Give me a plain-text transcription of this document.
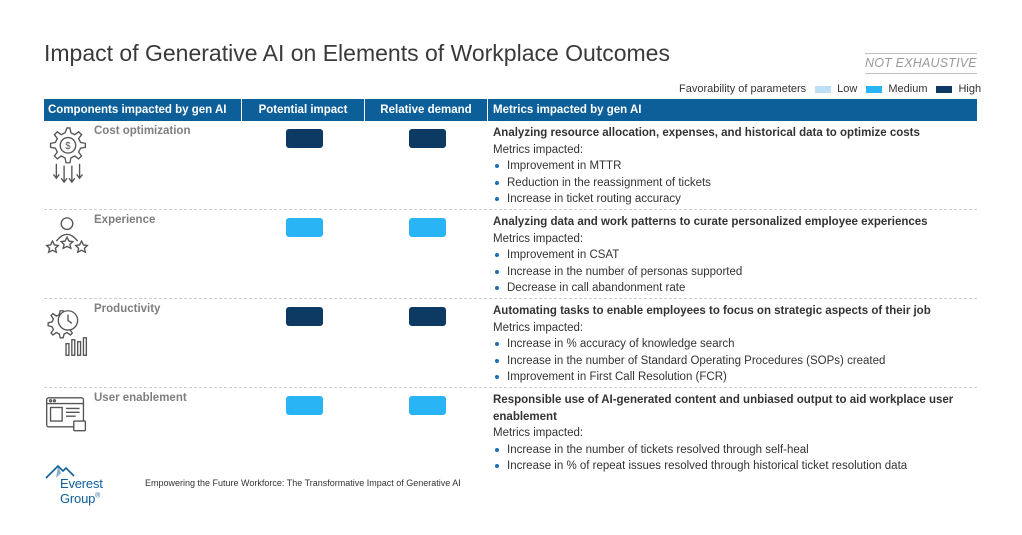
Impact of Generative AI on Elements of Workplace Outcomes	NOT EXHAUSTIVE
Favorability of parameters	Low	Medium	High
Components impacted by gen AI	Potential impact	Relative demand	Metrics impacted by gen AI
$
Cost optimization	Analyzing resource allocation, expenses, and historical data to optimize costs
Metrics impacted:
Improvement in MTTR
Reduction in the reassignment of tickets
Increase in ticket routing accuracy
Experience	Analyzing data and work patterns to curate personalized employee experiences
Metrics impacted:
Improvement in CSAT
Increase in the number of personas supported
Decrease in call abandonment rate
Productivity	Automating tasks to enable employees to focus on strategic aspects of their job
Metrics impacted:
Increase in % accuracy of knowledge search
Increase in the number of Standard Operating Procedures (SOPs) created
Improvement in First Call Resolution (FCR)
User enablement	Responsible use of AI-generated content and unbiased output to aid workplace user enablement
Metrics impacted:
Increase in the number of tickets resolved through self-heal
Increase in % of repeat issues resolved through historical ticket resolution data
Everest Group®
Empowering the Future Workforce: The Transformative Impact of Generative AI
